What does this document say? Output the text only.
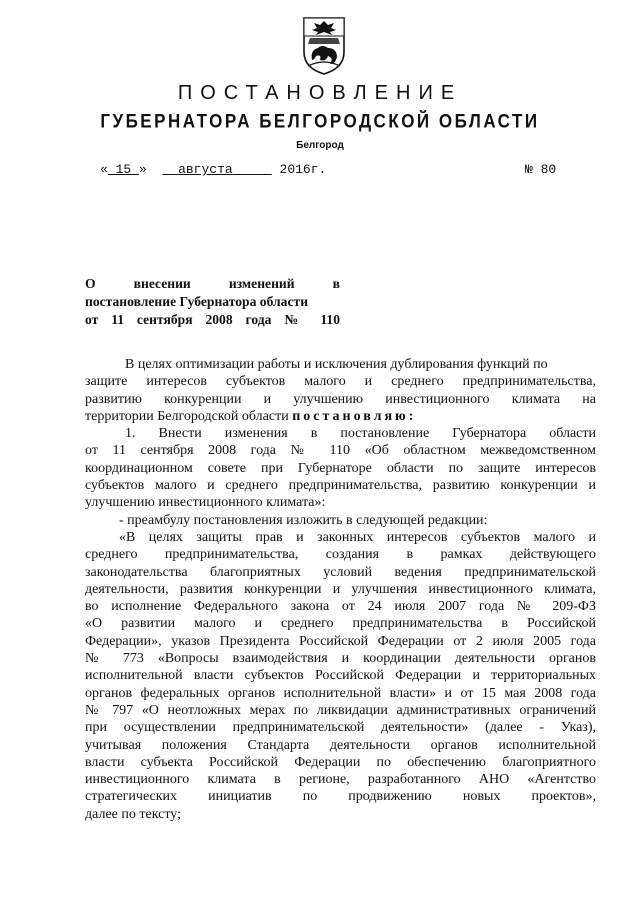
ПОСТАНОВЛЕНИЕ
ГУБЕРНАТОРА БЕЛГОРОДСКОЙ ОБЛАСТИ
Белгород
« 15 » августа	2016г.	№ 80
О	внесении	изменений	в
постановление Губернатора области
от 11 сентября 2008 года № 110
В целях оптимизации работы и исключения дублирования функций по
защите интересов субъектов малого и среднего предпринимательства,
развитию конкуренции и улучшению инвестиционного климата на
территории Белгородской области постановляю:
1. Внести изменения в постановление Губернатора области
от 11 сентября 2008 года № 110 «Об областном межведомственном
координационном совете при Губернаторе области по защите интересов
субъектов малого и среднего предпринимательства, развитию конкуренции и
улучшению инвестиционного климата»:
- преамбулу постановления изложить в следующей редакции:
«В целях защиты прав и законных интересов субъектов малого и
среднего предпринимательства, создания в рамках действующего
законодательства благоприятных условий ведения предпринимательской
деятельности, развития конкуренции и улучшения инвестиционного климата,
во исполнение Федерального закона от 24 июля 2007 года № 209-ФЗ
«О развитии малого и среднего предпринимательства в Российской
Федерации», указов Президента Российской Федерации от 2 июля 2005 года
№ 773 «Вопросы взаимодействия и координации деятельности органов
исполнительной власти субъектов Российской Федерации и территориальных
органов федеральных органов исполнительной власти» и от 15 мая 2008 года
№ 797 «О неотложных мерах по ликвидации административных ограничений
при осуществлении предпринимательской деятельности» (далее - Указ),
учитывая положения Стандарта деятельности органов исполнительной
власти субъекта Российской Федерации по обеспечению благоприятного
инвестиционного климата в регионе, разработанного АНО «Агентство
стратегических инициатив по продвижению новых проектов»,
далее по тексту;
